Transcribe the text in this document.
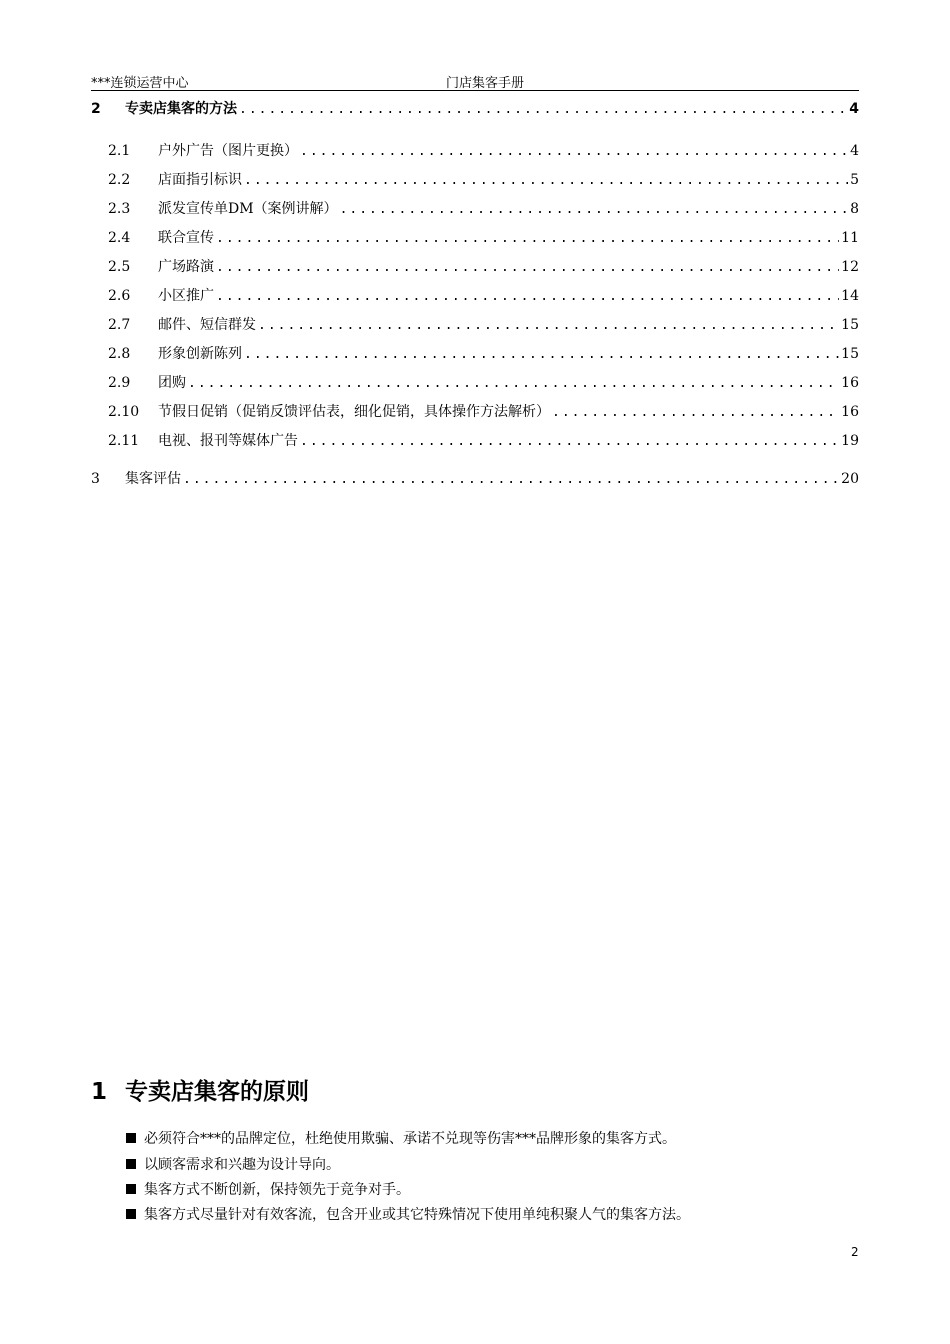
***连锁运营中心	门店集客手册
2	专卖店集客的方法 .....	4
2.1	户外广告（图片更换） .....	4
2.2	店面指引标识 .....	5
2.3	派发宣传单DM（案例讲解） .....	8
2.4	联合宣传 .....	11
2.5	广场路演 .....	12
2.6	小区推广 .....	14
2.7	邮件、短信群发 .....	15
2.8	形象创新陈列 .....	15
2.9	团购 .....	16
2.10	节假日促销（促销反馈评估表，细化促销，具体操作方法解析） .....	16
2.11	电视、报刊等媒体广告 .....	19
3	集客评估 .....	20
1 专卖店集客的原则
必须符合***的品牌定位，杜绝使用欺骗、承诺不兑现等伤害***品牌形象的集客方式。
以顾客需求和兴趣为设计导向。
集客方式不断创新，保持领先于竞争对手。
集客方式尽量针对有效客流，包含开业或其它特殊情况下使用单纯积聚人气的集客方法。
2
